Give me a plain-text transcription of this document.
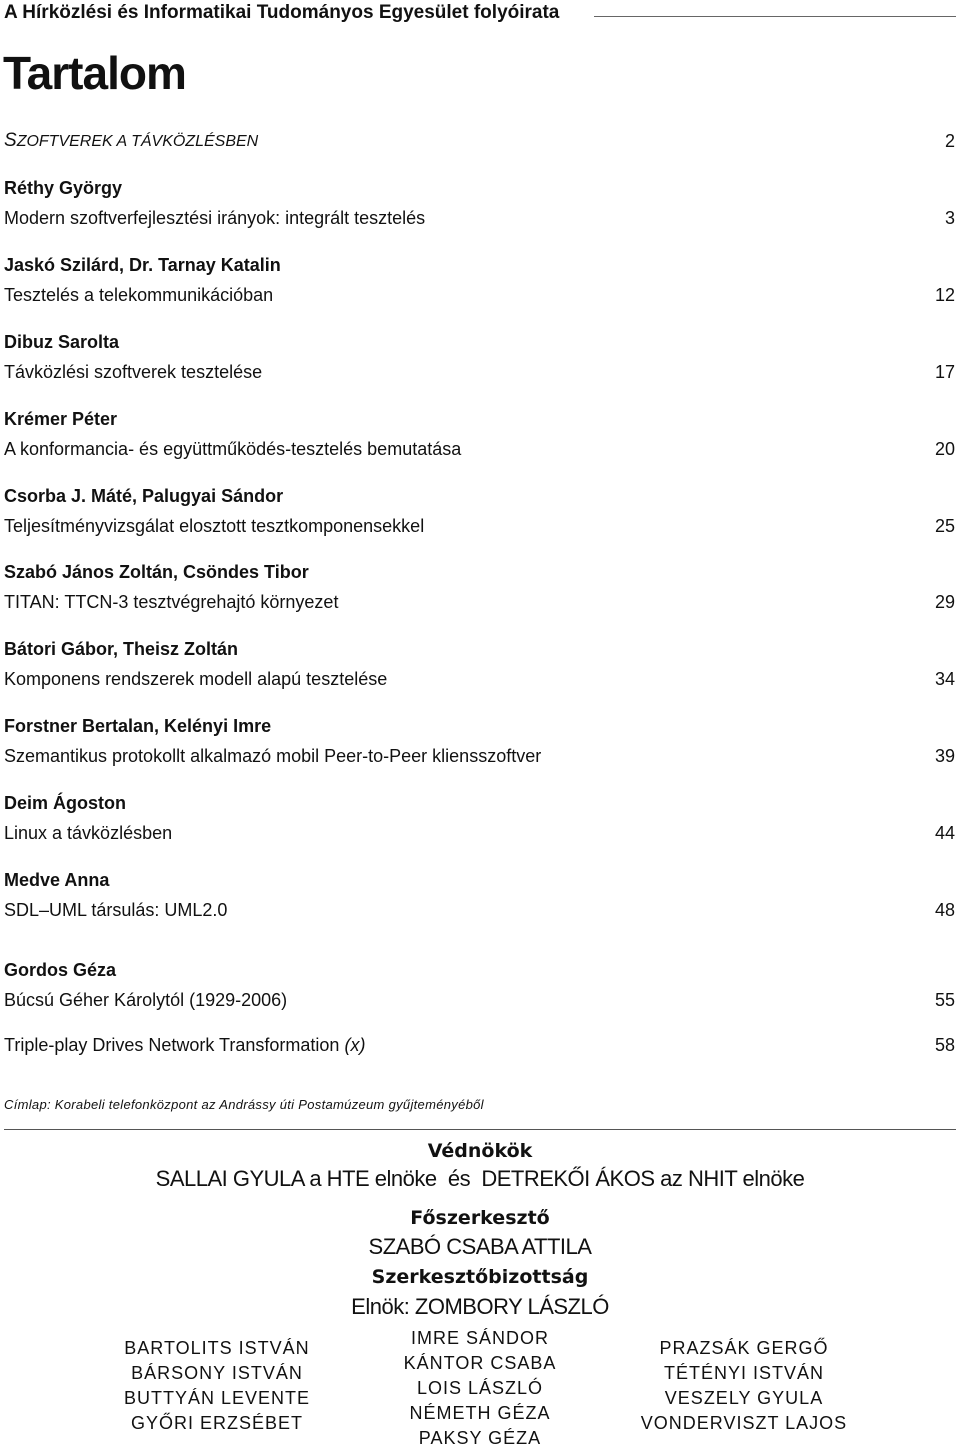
A Hírközlési és Informatikai Tudományos Egyesület folyóirata
Tartalom
SZOFTVEREK A TÁVKÖZLÉSBEN	2
Réthy György
Modern szoftverfejlesztési irányok: integrált tesztelés	3
Jaskó Szilárd, Dr. Tarnay Katalin
Tesztelés a telekommunikációban	12
Dibuz Sarolta
Távközlési szoftverek tesztelése	17
Krémer Péter
A konformancia- és együttműködés-tesztelés bemutatása	20
Csorba J. Máté, Palugyai Sándor
Teljesítményvizsgálat elosztott tesztkomponensekkel	25
Szabó János Zoltán, Csöndes Tibor
TITAN: TTCN-3 tesztvégrehajtó környezet	29
Bátori Gábor, Theisz Zoltán
Komponens rendszerek modell alapú tesztelése	34
Forstner Bertalan, Kelényi Imre
Szemantikus protokollt alkalmazó mobil Peer-to-Peer kliensszoftver	39
Deim Ágoston
Linux a távközlésben	44
Medve Anna
SDL–UML társulás: UML2.0	48
Gordos Géza
Búcsú Géher Károlytól (1929-2006)	55
Triple-play Drives Network Transformation (x)	58
Címlap: Korabeli telefonközpont az Andrássy úti Postamúzeum gyűjteményéből
Védnökök
SALLAI GYULA a HTE elnöke  és  DETREKŐI ÁKOS az NHIT elnöke
Főszerkesztő
SZABÓ CSABA ATTILA
Szerkesztőbizottság
Elnök: ZOMBORY LÁSZLÓ
BARTOLITS ISTVÁN
BÁRSONY ISTVÁN
BUTTYÁN LEVENTE
GYŐRI ERZSÉBET
IMRE SÁNDOR
KÁNTOR CSABA
LOIS LÁSZLÓ
NÉMETH GÉZA
PAKSY GÉZA
PRAZSÁK GERGŐ
TÉTÉNYI ISTVÁN
VESZELY GYULA
VONDERVISZT LAJOS
